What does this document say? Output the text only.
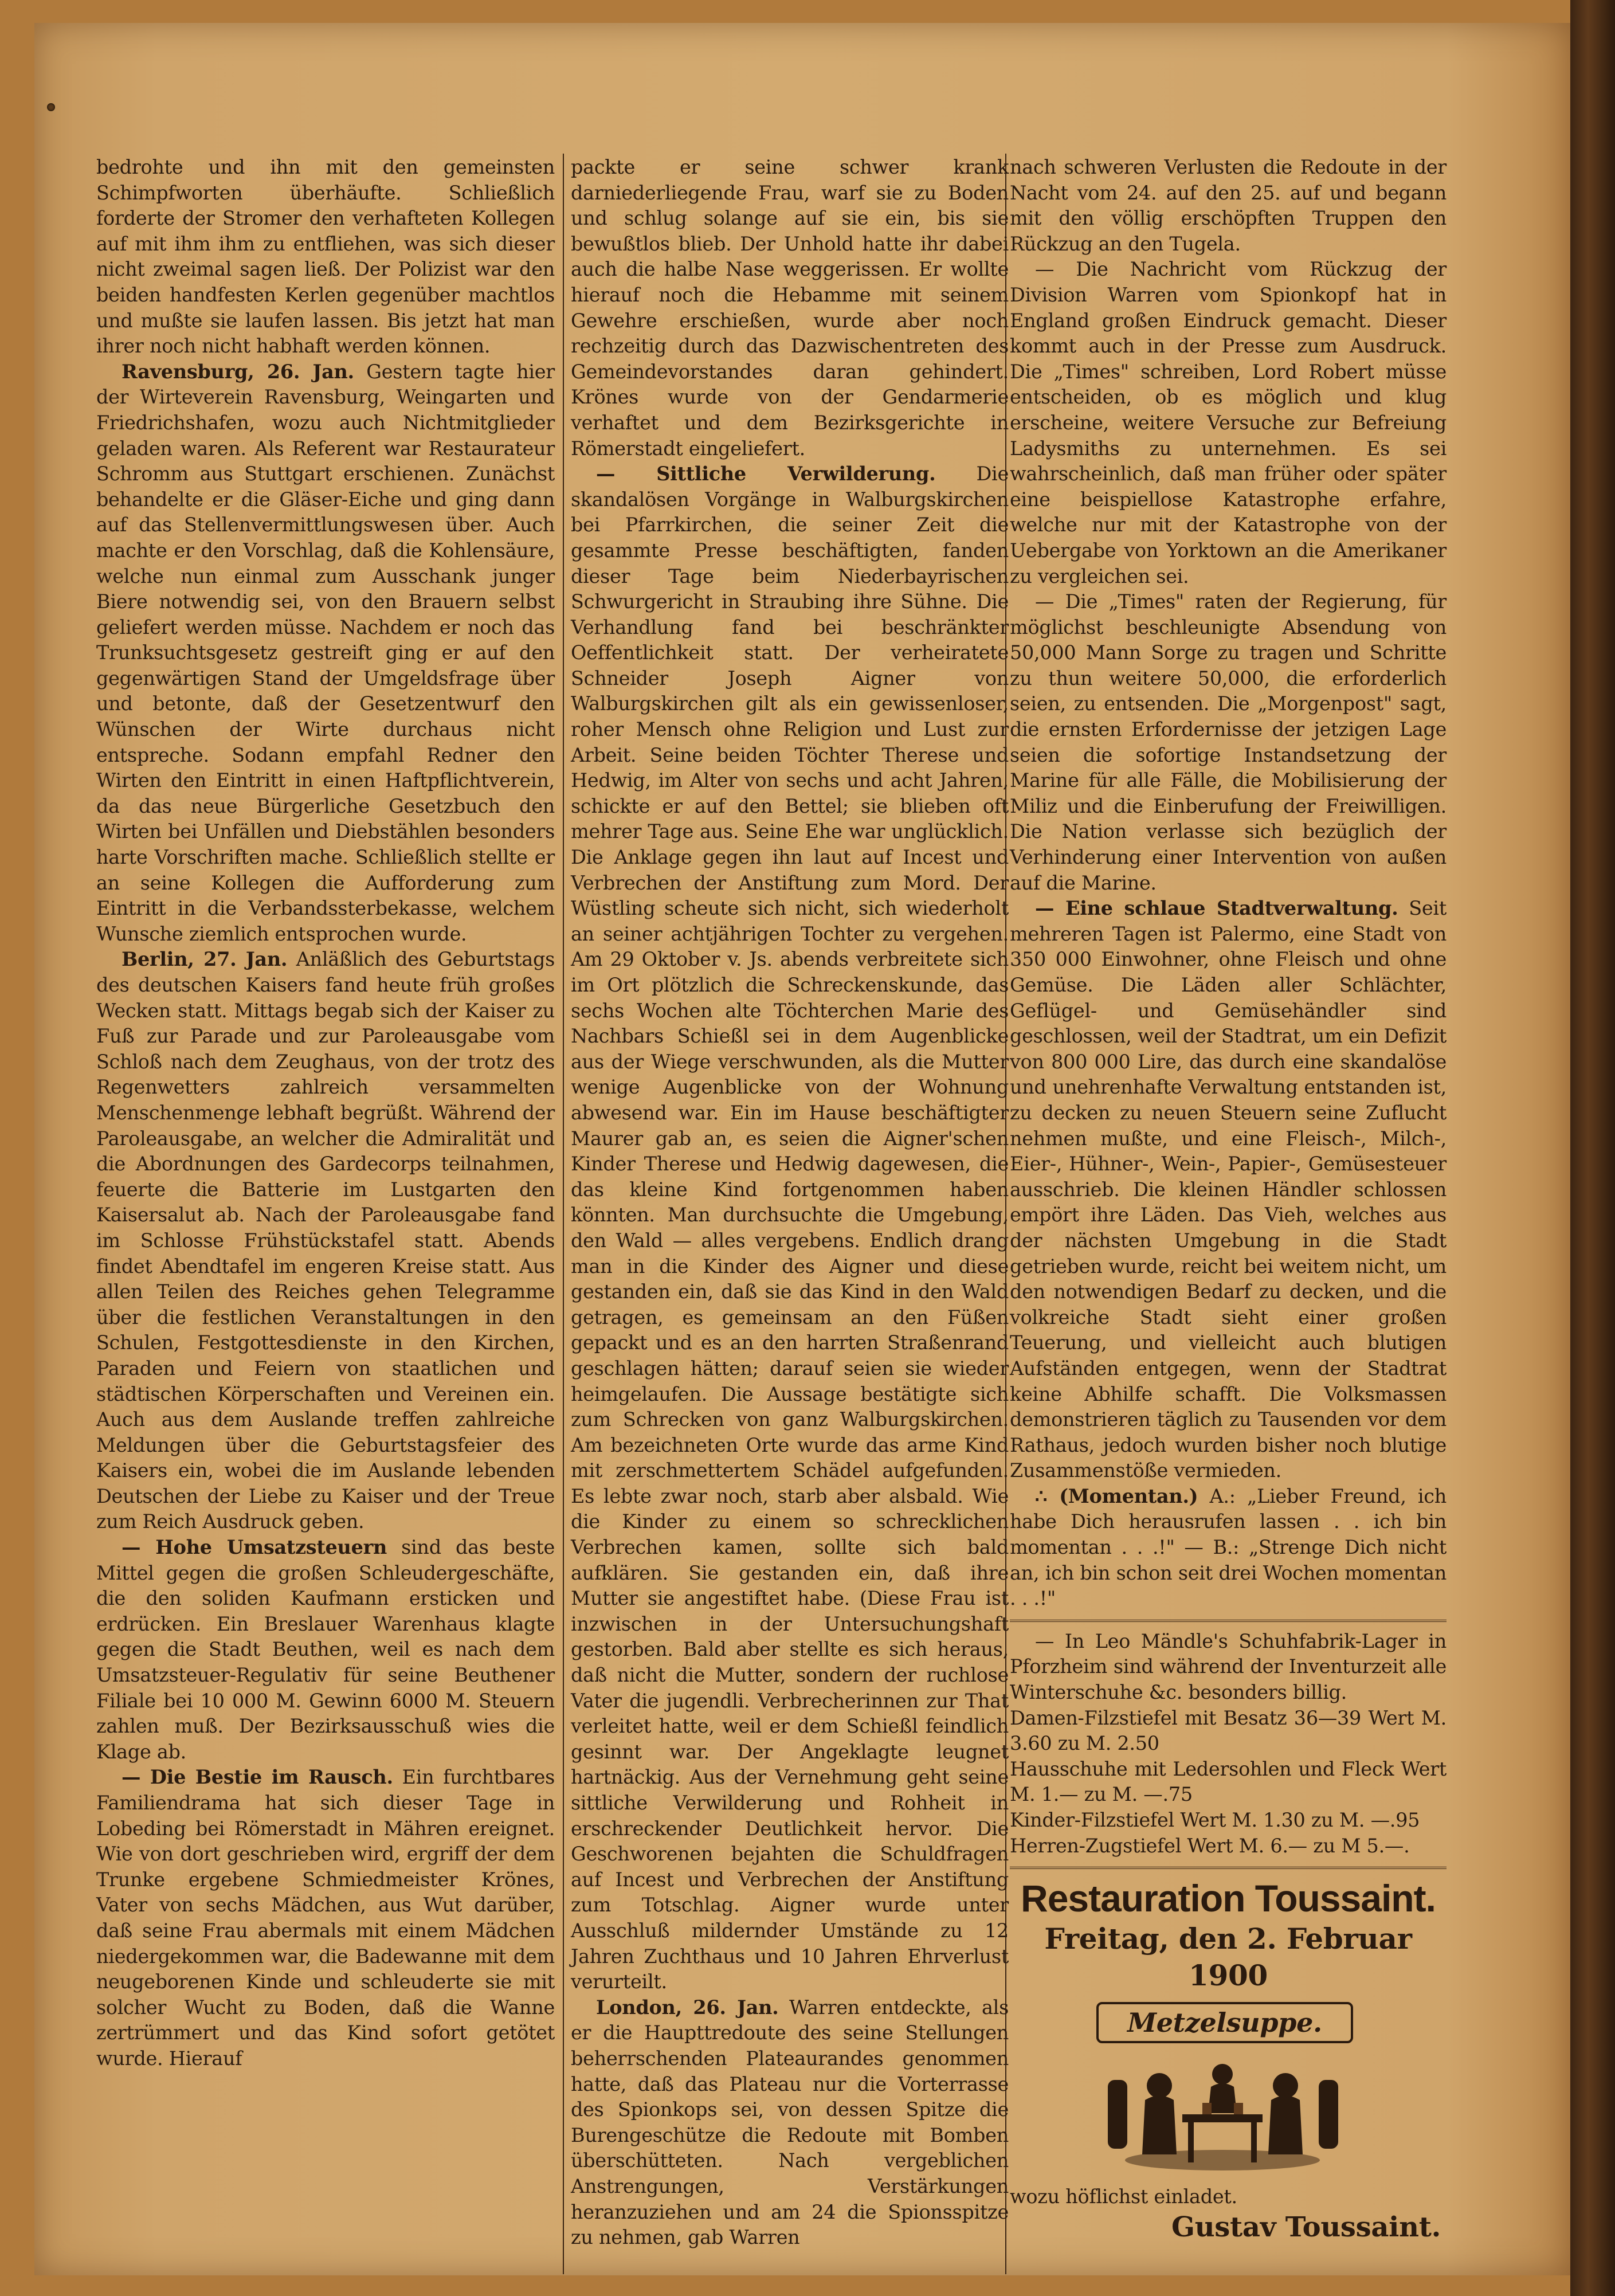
bedrohte und ihn mit den gemeinsten Schimpfworten überhäufte. Schließlich forderte der Stromer den verhafteten Kollegen auf mit ihm ihm zu entfliehen, was sich dieser nicht zweimal sagen ließ. Der Polizist war den beiden handfesten Kerlen gegenüber machtlos und mußte sie laufen lassen. Bis jetzt hat man ihrer noch nicht habhaft werden können.

Ravensburg, 26. Jan. Gestern tagte hier der Wirteverein Ravensburg, Weingarten und Friedrichshafen, wozu auch Nichtmitglieder geladen waren. Als Referent war Restaurateur Schromm aus Stuttgart erschienen. Zunächst behandelte er die Gläser-Eiche und ging dann auf das Stellenvermittlungswesen über. Auch machte er den Vorschlag, daß die Kohlensäure, welche nun einmal zum Ausschank junger Biere notwendig sei, von den Brauern selbst geliefert werden müsse. Nachdem er noch das Trunksuchtsgesetz gestreift ging er auf den gegenwärtigen Stand der Umgeldsfrage über und betonte, daß der Gesetzentwurf den Wünschen der Wirte durchaus nicht entspreche. Sodann empfahl Redner den Wirten den Eintritt in einen Haftpflichtverein, da das neue Bürgerliche Gesetzbuch den Wirten bei Unfällen und Diebstählen besonders harte Vorschriften mache. Schließlich stellte er an seine Kollegen die Aufforderung zum Eintritt in die Verbandssterbekasse, welchem Wunsche ziemlich entsprochen wurde.

Berlin, 27. Jan. Anläßlich des Geburtstags des deutschen Kaisers fand heute früh großes Wecken statt. Mittags begab sich der Kaiser zu Fuß zur Parade und zur Paroleausgabe vom Schloß nach dem Zeughaus, von der trotz des Regenwetters zahlreich versammelten Menschenmenge lebhaft begrüßt. Während der Paroleausgabe, an welcher die Admiralität und die Abordnungen des Gardecorps teilnahmen, feuerte die Batterie im Lustgarten den Kaisersalut ab. Nach der Paroleausgabe fand im Schlosse Frühstückstafel statt. Abends findet Abendtafel im engeren Kreise statt. Aus allen Teilen des Reiches gehen Telegramme über die festlichen Veranstaltungen in den Schulen, Festgottesdienste in den Kirchen, Paraden und Feiern von staatlichen und städtischen Körperschaften und Vereinen ein. Auch aus dem Auslande treffen zahlreiche Meldungen über die Geburtstagsfeier des Kaisers ein, wobei die im Auslande lebenden Deutschen der Liebe zu Kaiser und der Treue zum Reich Ausdruck geben.

— Hohe Umsatzsteuern sind das beste Mittel gegen die großen Schleudergeschäfte, die den soliden Kaufmann ersticken und erdrücken. Ein Breslauer Warenhaus klagte gegen die Stadt Beuthen, weil es nach dem Umsatzsteuer-Regulativ für seine Beuthener Filiale bei 10 000 M. Gewinn 6000 M. Steuern zahlen muß. Der Bezirksausschuß wies die Klage ab.

— Die Bestie im Rausch. Ein furchtbares Familiendrama hat sich dieser Tage in Lobeding bei Römerstadt in Mähren ereignet. Wie von dort geschrieben wird, ergriff der dem Trunke ergebene Schmiedmeister Krönes, Vater von sechs Mädchen, aus Wut darüber, daß seine Frau abermals mit einem Mädchen niedergekommen war, die Badewanne mit dem neugeborenen Kinde und schleuderte sie mit solcher Wucht zu Boden, daß die Wanne zertrümmert und das Kind sofort getötet wurde. Hierauf

packte er seine schwer krank darniederliegende Frau, warf sie zu Boden und schlug solange auf sie ein, bis sie bewußtlos blieb. Der Unhold hatte ihr dabei auch die halbe Nase weggerissen. Er wollte hierauf noch die Hebamme mit seinem Gewehre erschießen, wurde aber noch rechzeitig durch das Dazwischentreten des Gemeindevorstandes daran gehindert. Krönes wurde von der Gendarmerie verhaftet und dem Bezirksgerichte in Römerstadt eingeliefert.

— Sittliche Verwilderung. Die skandalösen Vorgänge in Walburgskirchen bei Pfarrkirchen, die seiner Zeit die gesammte Presse beschäftigten, fanden dieser Tage beim Niederbayrischen Schwurgericht in Straubing ihre Sühne. Die Verhandlung fand bei beschränkter Oeffentlichkeit statt. Der verheiratete Schneider Joseph Aigner von Walburgskirchen gilt als ein gewissenloser, roher Mensch ohne Religion und Lust zur Arbeit. Seine beiden Töchter Therese und Hedwig, im Alter von sechs und acht Jahren, schickte er auf den Bettel; sie blieben oft mehrer Tage aus. Seine Ehe war unglücklich. Die Anklage gegen ihn laut auf Incest und Verbrechen der Anstiftung zum Mord. Der Wüstling scheute sich nicht, sich wiederholt an seiner achtjährigen Tochter zu vergehen. Am 29 Oktober v. Js. abends verbreitete sich im Ort plötzlich die Schreckenskunde, das sechs Wochen alte Töchterchen Marie des Nachbars Schießl sei in dem Augenblicke aus der Wiege verschwunden, als die Mutter wenige Augenblicke von der Wohnung abwesend war. Ein im Hause beschäftigter Maurer gab an, es seien die Aigner'schen Kinder Therese und Hedwig dagewesen, die das kleine Kind fortgenommen haben könnten. Man durchsuchte die Umgebung, den Wald — alles vergebens. Endlich drang man in die Kinder des Aigner und diese gestanden ein, daß sie das Kind in den Wald getragen, es gemeinsam an den Füßen gepackt und es an den harrten Straßenrand geschlagen hätten; darauf seien sie wieder heimgelaufen. Die Aussage bestätigte sich zum Schrecken von ganz Walburgskirchen. Am bezeichneten Orte wurde das arme Kind mit zerschmettertem Schädel aufgefunden. Es lebte zwar noch, starb aber alsbald. Wie die Kinder zu einem so schrecklichen Verbrechen kamen, sollte sich bald aufklären. Sie gestanden ein, daß ihre Mutter sie angestiftet habe. (Diese Frau ist inzwischen in der Untersuchungshaft gestorben. Bald aber stellte es sich heraus, daß nicht die Mutter, sondern der ruchlose Vater die jugendli. Verbrecherinnen zur That verleitet hatte, weil er dem Schießl feindlich gesinnt war. Der Angeklagte leugnet hartnäckig. Aus der Vernehmung geht seine sittliche Verwilderung und Rohheit in erschreckender Deutlichkeit hervor. Die Geschworenen bejahten die Schuldfragen auf Incest und Verbrechen der Anstiftung zum Totschlag. Aigner wurde unter Ausschluß mildernder Umstände zu 12 Jahren Zuchthaus und 10 Jahren Ehrverlust verurteilt.

London, 26. Jan. Warren entdeckte, als er die Haupttredoute des seine Stellungen beherrschenden Plateaurandes genommen hatte, daß das Plateau nur die Vorterrasse des Spionkops sei, von dessen Spitze die Burengeschütze die Redoute mit Bomben überschütteten. Nach vergeblichen Anstrengungen, Verstärkungen heranzuziehen und am 24 die Spionsspitze zu nehmen, gab Warren

nach schweren Verlusten die Redoute in der Nacht vom 24. auf den 25. auf und begann mit den völlig erschöpften Truppen den Rückzug an den Tugela.

— Die Nachricht vom Rückzug der Division Warren vom Spionkopf hat in England großen Eindruck gemacht. Dieser kommt auch in der Presse zum Ausdruck. Die „Times" schreiben, Lord Robert müsse entscheiden, ob es möglich und klug erscheine, weitere Versuche zur Befreiung Ladysmiths zu unternehmen. Es sei wahrscheinlich, daß man früher oder später eine beispiellose Katastrophe erfahre, welche nur mit der Katastrophe von der Uebergabe von Yorktown an die Amerikaner zu vergleichen sei.

— Die „Times" raten der Regierung, für möglichst beschleunigte Absendung von 50,000 Mann Sorge zu tragen und Schritte zu thun weitere 50,000, die erforderlich seien, zu entsenden. Die „Morgenpost" sagt, die ernsten Erfordernisse der jetzigen Lage seien die sofortige Instandsetzung der Marine für alle Fälle, die Mobilisierung der Miliz und die Einberufung der Freiwilligen. Die Nation verlasse sich bezüglich der Verhinderung einer Intervention von außen auf die Marine.

— Eine schlaue Stadtverwaltung. Seit mehreren Tagen ist Palermo, eine Stadt von 350 000 Einwohner, ohne Fleisch und ohne Gemüse. Die Läden aller Schlächter, Geflügel- und Gemüsehändler sind geschlossen, weil der Stadtrat, um ein Defizit von 800 000 Lire, das durch eine skandalöse und unehrenhafte Verwaltung entstanden ist, zu decken zu neuen Steuern seine Zuflucht nehmen mußte, und eine Fleisch-, Milch-, Eier-, Hühner-, Wein-, Papier-, Gemüsesteuer ausschrieb. Die kleinen Händler schlossen empört ihre Läden. Das Vieh, welches aus der nächsten Umgebung in die Stadt getrieben wurde, reicht bei weitem nicht, um den notwendigen Bedarf zu decken, und die volkreiche Stadt sieht einer großen Teuerung, und vielleicht auch blutigen Aufständen entgegen, wenn der Stadtrat keine Abhilfe schafft. Die Volksmassen demonstrieren täglich zu Tausenden vor dem Rathaus, jedoch wurden bisher noch blutige Zusammenstöße vermieden.

∴ (Momentan.) A.: „Lieber Freund, ich habe Dich herausrufen lassen . . ich bin momentan . . .!" — B.: „Strenge Dich nicht an, ich bin schon seit drei Wochen momentan . . .!"

— In Leo Mändle's Schuhfabrik-Lager in Pforzheim sind während der Inventurzeit alle Winterschuhe &c. besonders billig.

Damen-Filzstiefel mit Besatz 36—39 Wert M. 3.60 zu M. 2.50

Hausschuhe mit Ledersohlen und Fleck Wert M. 1.— zu M. —.75

Kinder-Filzstiefel Wert M. 1.30 zu M. —.95

Herren-Zugstiefel Wert M. 6.— zu M 5.—.

Restauration Toussaint.
Freitag, den 2. Februar 1900
Metzelsuppe.

wozu höflichst einladet.

Gustav Toussaint.
